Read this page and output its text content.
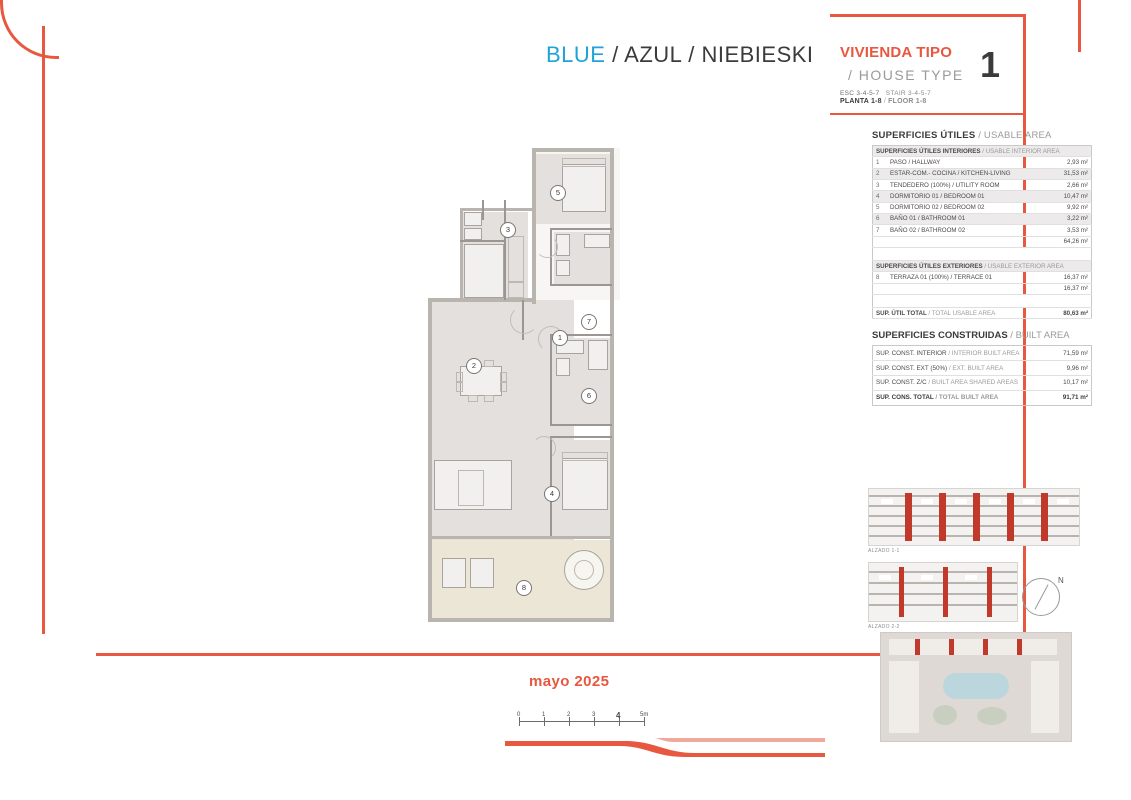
BLUE / AZUL / NIEBIESKI VIVIENDA TIPO
/ HOUSE TYPE 1
ESC 3-4-5-7 STAIR 3-4-5-7
PLANTA 1-8 / FLOOR 1-8
SUPERFICIES ÚTILES / USABLE AREA
SUPERFICIES ÚTILES INTERIORES / USABLE INTERIOR AREA		
1	PASO / HALLWAY	2,93 m²
2	ESTAR-COM.- COCINA / KITCHEN-LIVING	31,53 m²
3	TENDEDERO (100%) / UTILITY ROOM	2,66 m²
4	DORMITORIO 01 / BEDROOM 01	10,47 m²
5	DORMITORIO 02 / BEDROOM 02	9,92 m²
6	BAÑO 01 / BATHROOM 01	3,22 m²
7	BAÑO 02 / BATHROOM 02	3,53 m²
64,26 m²		

SUPERFICIES ÚTILES EXTERIORES / USABLE EXTERIOR AREA		
8	TERRAZA 01 (100%) / TERRACE 01	16,37 m²
16,37 m²		

SUP. ÚTIL TOTAL / TOTAL USABLE AREA		80,63 m²
SUPERFICIES CONSTRUIDAS / BUILT AREA
SUP. CONST. INTERIOR / INTERIOR BUILT AREA	71,59 m²
SUP. CONST. EXT (50%) / EXT. BUILT AREA	9,96 m²
SUP. CONST. Z/C / BUILT AREA SHARED AREAS	10,17 m²
SUP. CONS. TOTAL / TOTAL BUILT AREA	91,71 m²
ALZADO 1-1
ALZADO 2-2
N
1
2
3
4
5
6
7
8
mayo 2025
0	1	2	3	4	5m
